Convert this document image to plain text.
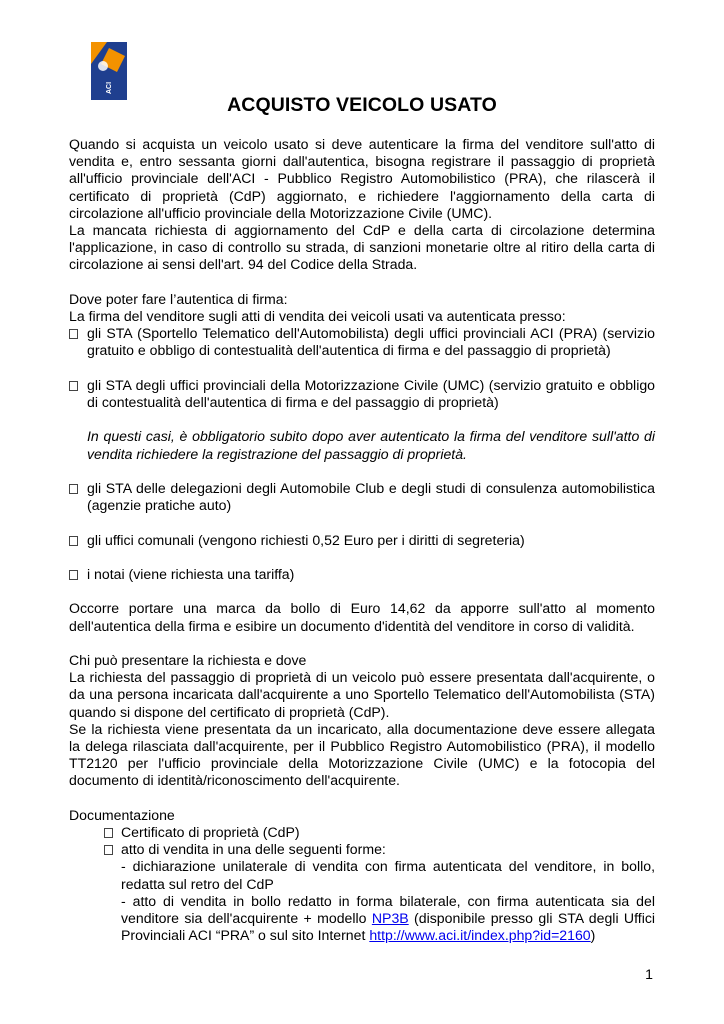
ACI
ACQUISTO VEICOLO USATO

Quando si acquista un veicolo usato si deve autenticare la firma del venditore sull'atto di vendita e, entro sessanta giorni dall'autentica, bisogna registrare il passaggio di proprietà all'ufficio provinciale dell'ACI - Pubblico Registro Automobilistico (PRA), che rilascerà il certificato di proprietà (CdP) aggiornato, e richiedere l'aggiornamento della carta di circolazione all'ufficio provinciale della Motorizzazione Civile (UMC).

La mancata richiesta di aggiornamento del CdP e della carta di circolazione determina l'applicazione, in caso di controllo su strada, di sanzioni monetarie oltre al ritiro della carta di circolazione ai sensi dell'art. 94 del Codice della Strada.

Dove poter fare l’autentica di firma:

La firma del venditore sugli atti di vendita dei veicoli usati va autenticata presso:

gli STA (Sportello Telematico dell'Automobilista) degli uffici provinciali ACI (PRA) (servizio gratuito e obbligo di contestualità dell'autentica di firma e del passaggio di proprietà)
gli STA degli uffici provinciali della Motorizzazione Civile (UMC) (servizio gratuito e obbligo di contestualità dell'autentica di firma e del passaggio di proprietà)

In questi casi, è obbligatorio subito dopo aver autenticato la firma del venditore sull'atto di vendita richiedere la registrazione del passaggio di proprietà.

gli STA delle delegazioni degli Automobile Club e degli studi di consulenza automobilistica (agenzie pratiche auto)
gli uffici comunali (vengono richiesti 0,52 Euro per i diritti di segreteria)
i notai (viene richiesta una tariffa)

Occorre portare una marca da bollo di Euro 14,62 da apporre sull'atto al momento dell'autentica della firma e esibire un documento d'identità del venditore in corso di validità.

Chi può presentare la richiesta e dove

La richiesta del passaggio di proprietà di un veicolo può essere presentata dall'acquirente, o da una persona incaricata dall'acquirente a uno Sportello Telematico dell'Automobilista (STA) quando si dispone del certificato di proprietà (CdP).

Se la richiesta viene presentata da un incaricato, alla documentazione deve essere allegata la delega rilasciata dall'acquirente, per il Pubblico Registro Automobilistico (PRA), il modello TT2120 per l'ufficio provinciale della Motorizzazione Civile (UMC) e la fotocopia del documento di identità/riconoscimento dell'acquirente.

Documentazione

Certificato di proprietà (CdP)
atto di vendita in una delle seguenti forme:

- dichiarazione unilaterale di vendita con firma autenticata del venditore, in bollo, redatta sul retro del CdP

- atto di vendita in bollo redatto in forma bilaterale, con firma autenticata sia del venditore sia dell'acquirente + modello NP3B (disponibile presso gli STA degli Uffici Provinciali ACI “PRA” o sul sito Internet http://www.aci.it/index.php?id=2160)

1
